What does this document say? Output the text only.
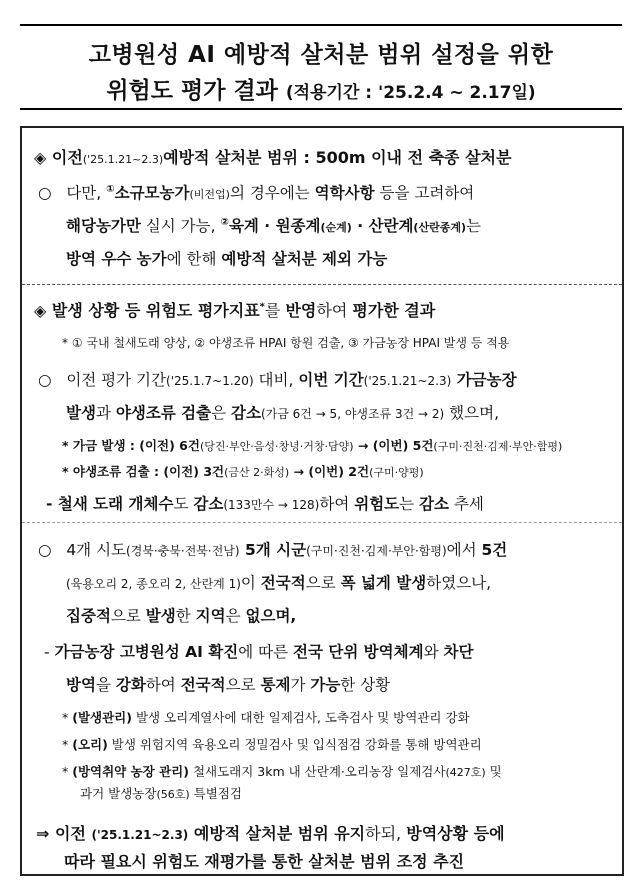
고병원성 AI 예방적 살처분 범위 설정을 위한
위험도 평가 결과 (적용기간 : '25.2.4 ~ 2.17일)
◈ 이전('25.1.21~2.3)예방적 살처분 범위 : 500m 이내 전 축종 살처분
○ 다만, ①소규모농가(비전업)의 경우에는 역학사항 등을 고려하여
해당농가만 실시 가능, ②육계 · 원종계(순계) · 산란계(산란종계)는
방역 우수 농가에 한해 예방적 살처분 제외 가능
◈ 발생 상황 등 위험도 평가지표*를 반영하여 평가한 결과
* ① 국내 철새도래 양상, ② 야생조류 HPAI 항원 검출, ③ 가금농장 HPAI 발생 등 적용
○ 이전 평가 기간('25.1.7~1.20) 대비, 이번 기간('25.1.21~2.3) 가금농장
발생과 야생조류 검출은 감소(가금 6건 → 5, 야생조류 3건 → 2) 했으며,
* 가금 발생 : (이전) 6건(당진·부안·음성·창녕·거창·담양) → (이번) 5건(구미·진천·김제·부안·함평)
* 야생조류 검출 : (이전) 3건(금산 2·화성) → (이번) 2건(구미·양평)
- 철새 도래 개체수도 감소(133만수 → 128)하여 위험도는 감소 추세
○ 4개 시도(경북·충북·전북·전남) 5개 시군(구미·진천·김제·부안·함평)에서 5건
(육용오리 2, 종오리 2, 산란계 1)이 전국적으로 폭 넓게 발생하였으나,
집중적으로 발생한 지역은 없으며,
- 가금농장 고병원성 AI 확진에 따른 전국 단위 방역체계와 차단
방역을 강화하여 전국적으로 통제가 가능한 상황
* (발생관리) 발생 오리계열사에 대한 일제검사, 도축검사 및 방역관리 강화
* (오리) 발생 위험지역 육용오리 정밀검사 및 입식점검 강화를 통해 방역관리
* (방역취약 농장 관리) 철새도래지 3km 내 산란계·오리농장 일제검사(427호) 및
과거 발생농장(56호) 특별점검
⇒ 이전 ('25.1.21~2.3) 예방적 살처분 범위 유지하되, 방역상황 등에
따라 필요시 위험도 재평가를 통한 살처분 범위 조정 추진
